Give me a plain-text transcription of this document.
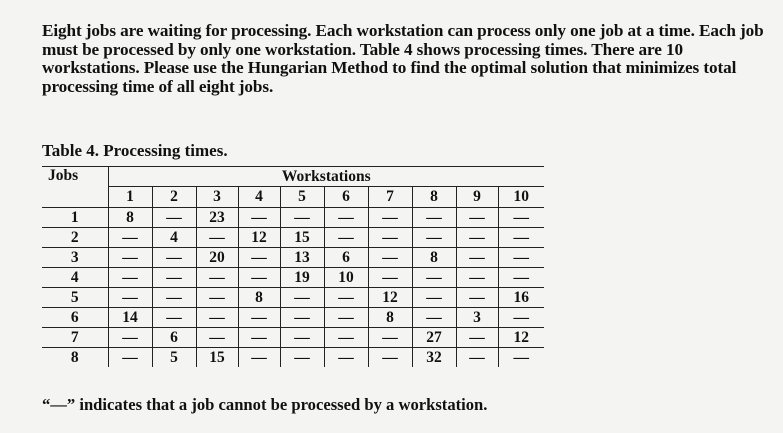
Eight jobs are waiting for processing. Each workstation can process only one job at a time. Each job must be processed by only one workstation. Table 4 shows processing times. There are 10 workstations. Please use the Hungarian Method to find the optimal solution that minimizes total processing time of all eight jobs.
Table 4. Processing times.
Jobs	Workstations									
	1	2	3	4	5	6	7	8	9	10
1	8	—	23	—	—	—	—	—	—	—
2	—	4	—	12	15	—	—	—	—	—
3	—	—	20	—	13	6	—	8	—	—
4	—	—	—	—	19	10	—	—	—	—
5	—	—	—	8	—	—	12	—	—	16
6	14	—	—	—	—	—	8	—	3	—
7	—	6	—	—	—	—	—	27	—	12
8	—	5	15	—	—	—	—	32	—	—
“—” indicates that a job cannot be processed by a workstation.
